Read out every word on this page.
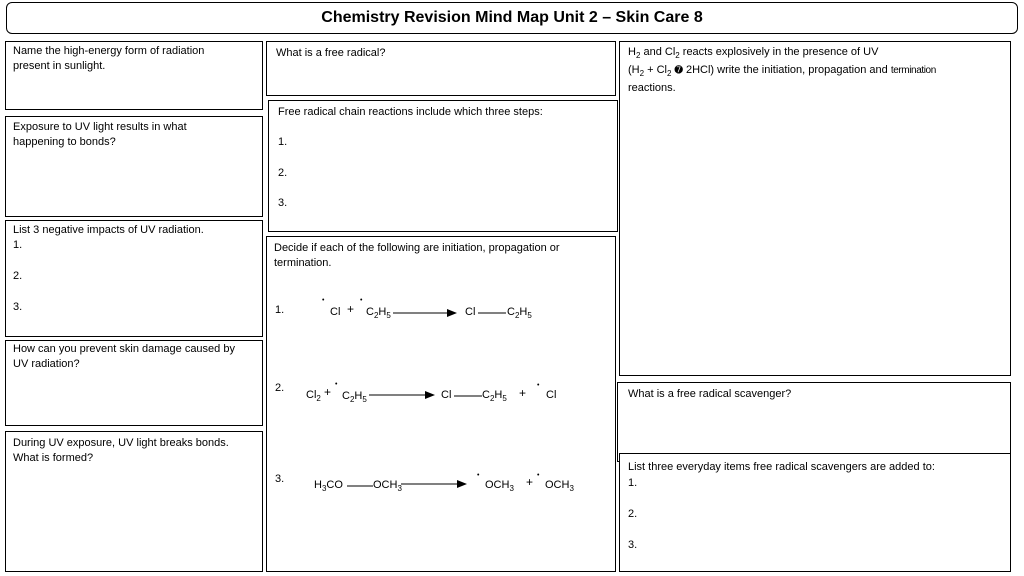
Chemistry Revision Mind Map Unit 2 – Skin Care 8
Name the high-energy form of radiation present in sunlight.
Exposure to UV light results in what happening to bonds?
List 3 negative impacts of UV radiation.
1.
2.
3.
How can you prevent skin damage caused by UV radiation?
During UV exposure, UV light breaks bonds. What is formed?
What is a free radical?
Free radical chain reactions include which three steps:
1.
2.
3.
Decide if each of the following are initiation, propagation or termination.
1.
•
Cl +
•
$C_2H_5 \to Cl$	$C_2H_5$
2.
$Cl_2$ +
•
$C_2H_5$	Cl	$C_2H_5$ +
•
Cl
3.	$H_3CO$	$OCH_3$
•
$OCH_3$ + •
$OCH_3$
$H_2$ and $Cl_2$ reacts explosively in the presence of UV
($H_2 + Cl_2$ ➐ 2HCl) write the initiation, propagation and termination
reactions.
What is a free radical scavenger?
List three everyday items free radical scavengers are added to:
1.
2.
3.
